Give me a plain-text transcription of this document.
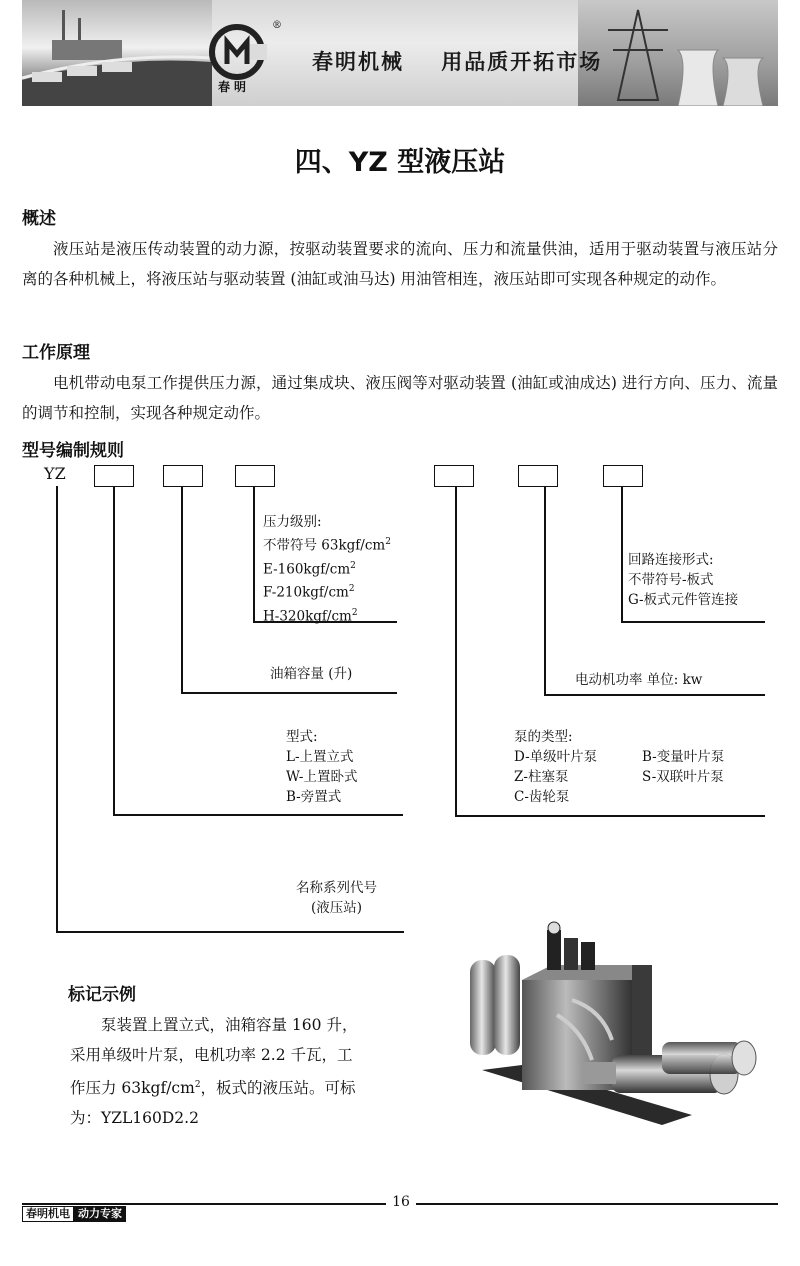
®
春明
春明机械 用品质开拓市场
四、YZ 型液压站
概述
液压站是液压传动装置的动力源，按驱动装置要求的流向、压力和流量供油，适用于驱动装置与液压站分离的各种机械上，将液压站与驱动装置 (油缸或油马达) 用油管相连，液压站即可实现各种规定的动作。
工作原理
电机带动电泵工作提供压力源，通过集成块、液压阀等对驱动装置 (油缸或油成达) 进行方向、压力、流量的调节和控制，实现各种规定动作。
型号编制规则
YZ
压力级别:
不带符号 $63kgf/cm^2$
$E-160kgf/cm^2$
$F-210kgf/cm^2$
$H-320kgf/cm^2$
油箱容量 (升)
型式:
L-上置立式
W-上置卧式
B-旁置式
名称系列代号
(液压站)
回路连接形式:
不带符号-板式
G-板式元件管连接
电动机功率 单位: kw
泵的类型:
D-单级叶片泵	B-变量叶片泵
Z-柱塞泵	S-双联叶片泵
C-齿轮泵
标记示例
泵装置上置立式，油箱容量 160 升，
采用单级叶片泵，电机功率 2.2 千瓦，工
作压力 $63kgf/cm^2$，板式的液压站。可标
为：YZL160D2.2
春明机电 动力专家
16
